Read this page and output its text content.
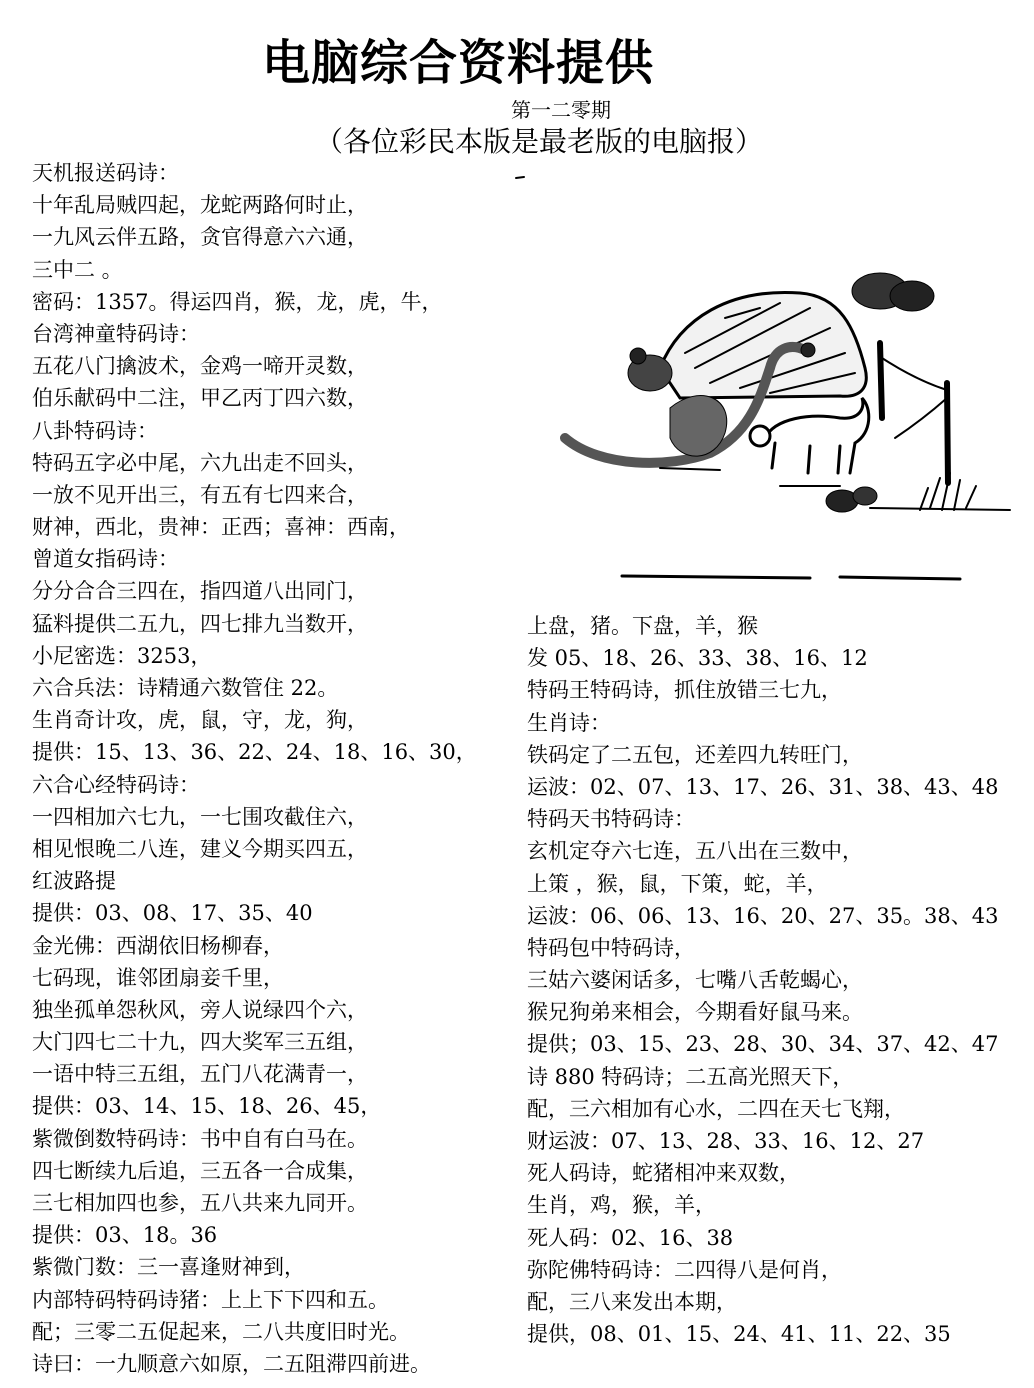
电脑综合资料提供
第一二零期
（各位彩民本版是最老版的电脑报）
天机报送码诗：
十年乱局贼四起，龙蛇两路何时止，
一九风云伴五路，贪官得意六六通，
三中二 。
密码：1357。得运四肖，猴，龙，虎，牛，
台湾神童特码诗：
五花八门擒波术，金鸡一啼开灵数，
伯乐献码中二注，甲乙丙丁四六数，
八卦特码诗：
特码五字必中尾，六九出走不回头，
一放不见开出三，有五有七四来合，
财神，西北，贵神：正西；喜神：西南，
曾道女指码诗：
分分合合三四在，指四道八出同门，
猛料提供二五九，四七排九当数开，
小尼密选：3253，
六合兵法：诗精通六数管住 22。
生肖奇计攻，虎，鼠，守，龙，狗，
提供：15、13、36、22、24、18、16、30，
六合心经特码诗：
一四相加六七九，一七围攻截住六，
相见恨晚二八连，建义今期买四五，
红波路提
提供：03、08、17、35、40
金光佛：西湖依旧杨柳春，
七码现，谁邻团扇妾千里，
独坐孤单怨秋风，旁人说绿四个六，
大门四七二十九，四大奖军三五组，
一语中特三五组，五门八花满青一，
提供：03、14、15、18、26、45，
紫微倒数特码诗：书中自有白马在。
四七断续九后追，三五各一合成集，
三七相加四也参，五八共来九同开。
提供：03、18。36
紫微门数：三一喜逢财神到，
内部特码特码诗猪：上上下下四和五。
配；三零二五促起来，二八共度旧时光。
诗曰：一九顺意六如原，二五阻滞四前进。
上盘，猪。下盘，羊，猴
发 05、18、26、33、38、16、12
特码王特码诗，抓住放错三七九，
生肖诗：
铁码定了二五包，还差四九转旺门，
运波：02、07、13、17、26、31、38、43、48
特码天书特码诗：
玄机定夺六七连，五八出在三数中，
上策 ，猴，鼠，下策，蛇，羊，
运波：06、06、13、16、20、27、35。38、43
特码包中特码诗，
三姑六婆闲话多，七嘴八舌乾蝎心，
猴兄狗弟来相会，今期看好鼠马来。
提供；03、15、23、28、30、34、37、42、47
诗 880 特码诗；二五高光照天下，
配，三六相加有心水，二四在天七飞翔，
财运波：07、13、28、33、16、12、27
死人码诗，蛇猪相冲来双数，
生肖，鸡，猴，羊，
死人码：02、16、38
弥陀佛特码诗：二四得八是何肖，
配，三八来发出本期，
提供，08、01、15、24、41、11、22、35
